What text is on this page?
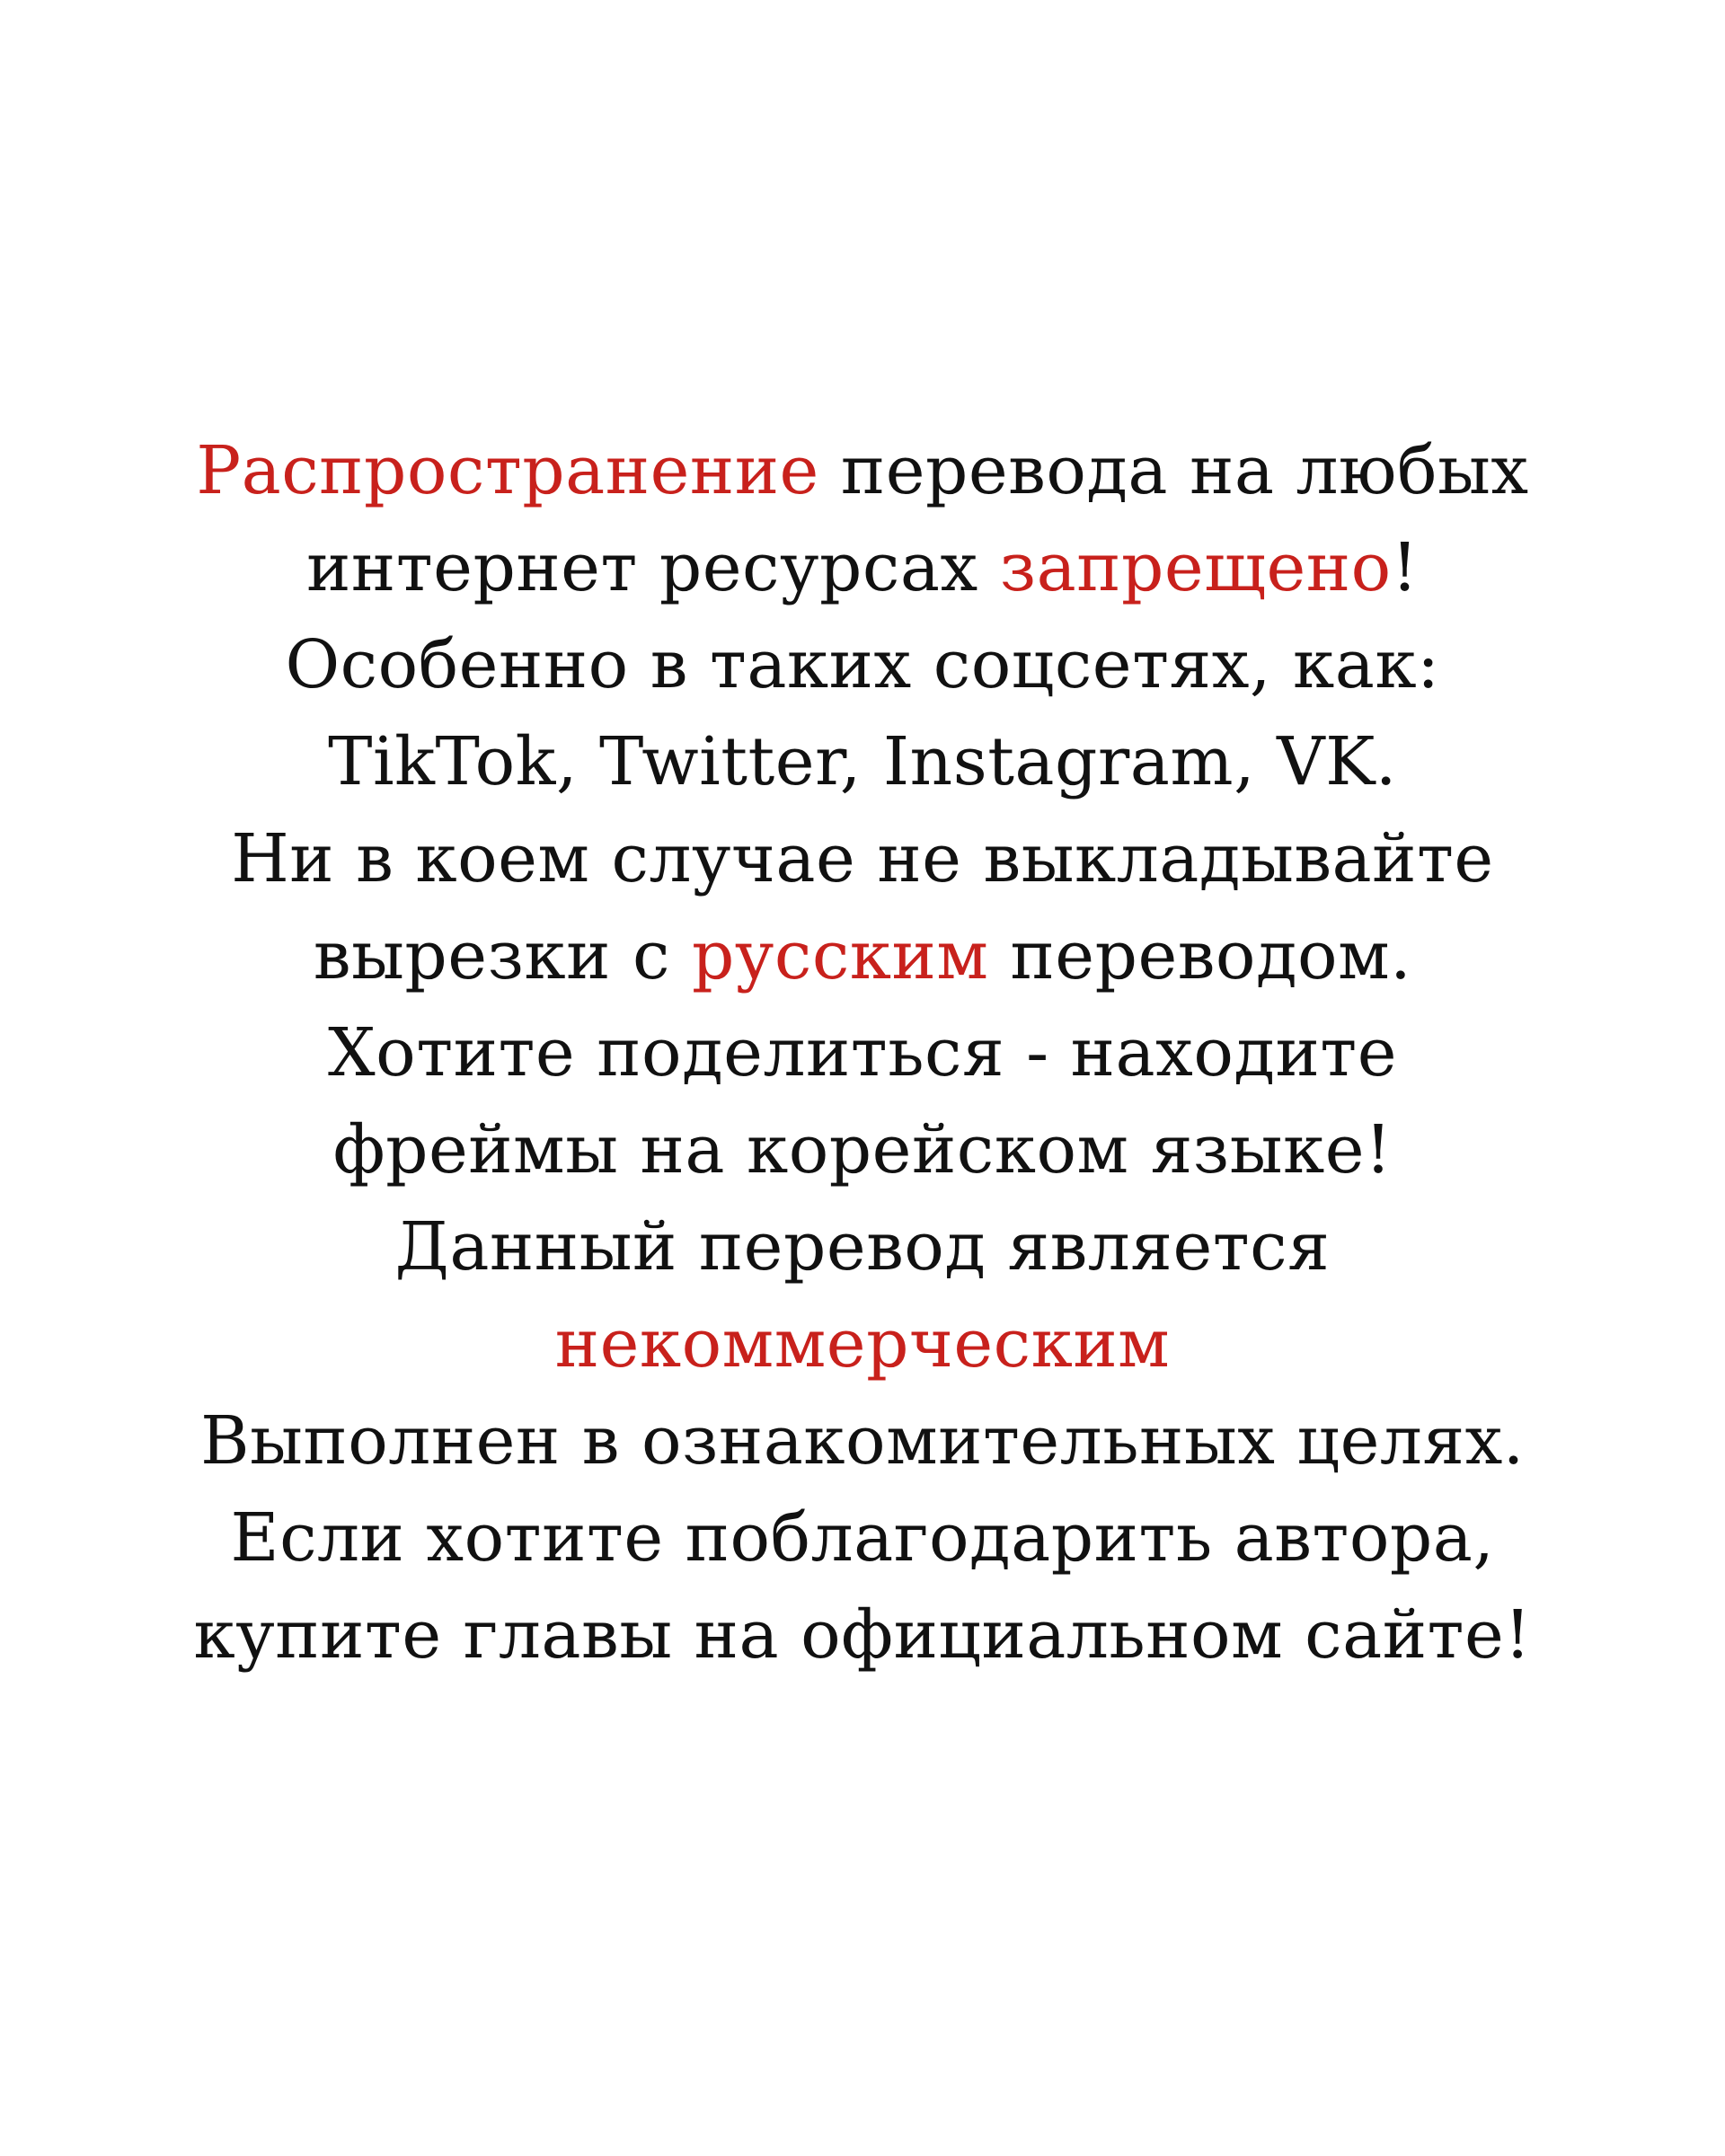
Распространение перевода на любых
интернет ресурсах запрещено!
Особенно в таких соцсетях, как:
TikTok, Twitter, Instagram, VK.
Ни в коем случае не выкладывайте
вырезки с русским переводом.
Хотите поделиться - находите
фреймы на корейском языке!
Данный перевод является
некоммерческим
Выполнен в ознакомительных целях.
Если хотите поблагодарить автора,
купите главы на официальном сайте!
